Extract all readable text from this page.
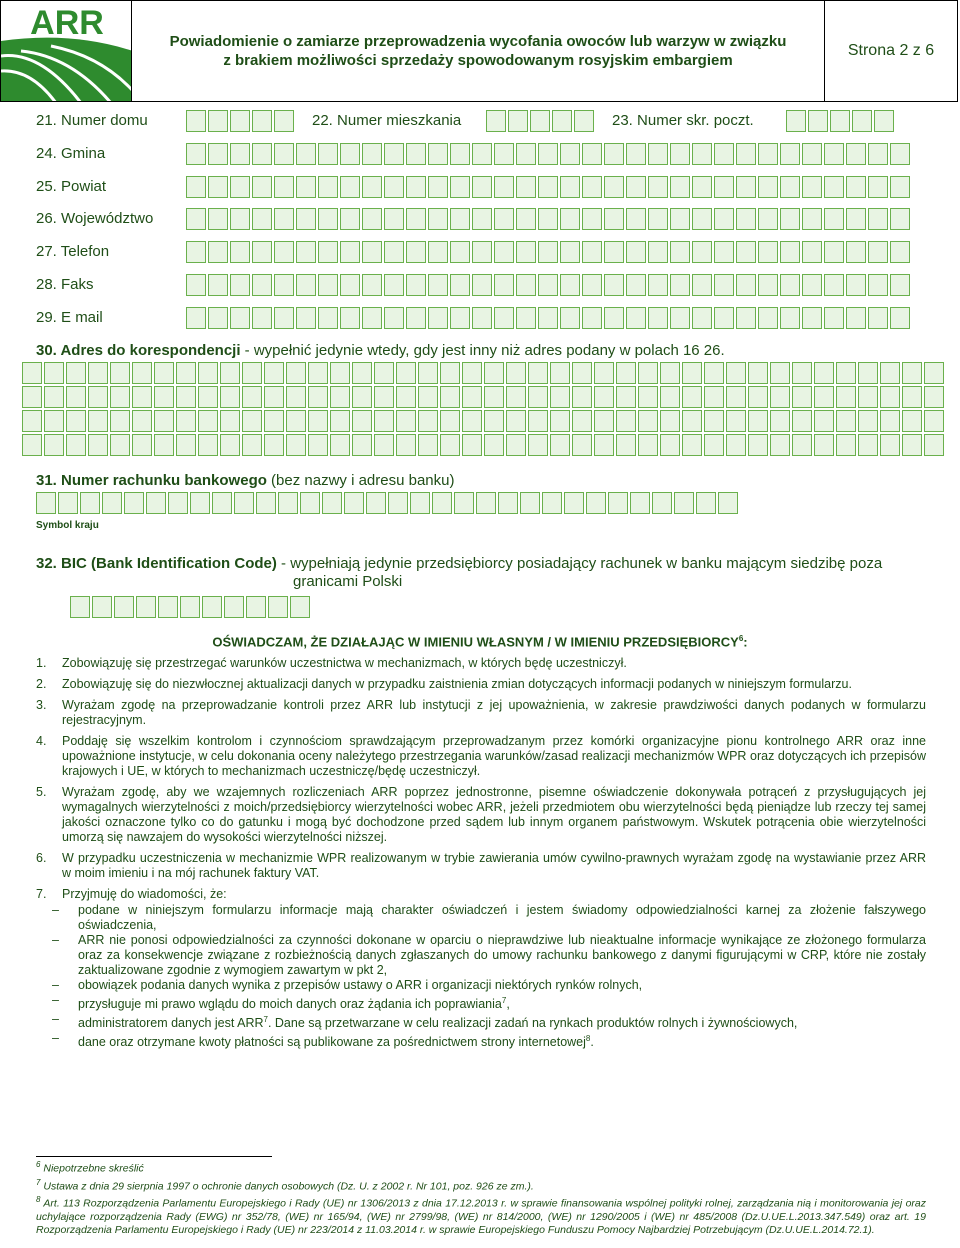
ARR	Powiadomienie o zamiarze przeprowadzenia wycofania owoców lub warzyw w związku
z brakiem możliwości sprzedaży spowodowanym rosyjskim embargiem
Strona 2 z 6
21. Numer domu	22. Numer mieszkania	23. Numer skr. poczt.
24. Gmina
25. Powiat
26. Województwo
27. Telefon
28. Faks
29. E mail
30. Adres do korespondencji - wypełnić jedynie wtedy, gdy jest inny niż adres podany w polach 16 26.
31. Numer rachunku bankowego (bez nazwy i adresu banku)
Symbol kraju
32. BIC (Bank Identification Code) - wypełniają jedynie przedsiębiorcy posiadający rachunek w banku mającym siedzibę poza
granicami Polski
OŚWIADCZAM, ŻE DZIAŁAJĄC W IMIENIU WŁASNYM / W IMIENIU PRZEDSIĘBIORCY$^6$:
1. Zobowiązuję się przestrzegać warunków uczestnictwa w mechanizmach, w których będę uczestniczył.
2. Zobowiązuję się do niezwłocznej aktualizacji danych w przypadku zaistnienia zmian dotyczących informacji podanych w niniejszym formularzu.
3. Wyrażam zgodę na przeprowadzanie kontroli przez ARR lub instytucji z jej upoważnienia, w zakresie prawdziwości danych podanych w formularzu rejestracyjnym.
4. Poddaję się wszelkim kontrolom i czynnościom sprawdzającym przeprowadzanym przez komórki organizacyjne pionu kontrolnego ARR oraz inne upoważnione instytucje, w celu dokonania oceny należytego przestrzegania warunków/zasad realizacji mechanizmów WPR oraz dotyczących ich przepisów krajowych i UE, w których to mechanizmach uczestniczę/będę uczestniczył.
5. Wyrażam zgodę, aby we wzajemnych rozliczeniach ARR poprzez jednostronne, pisemne oświadczenie dokonywała potrąceń z przysługujących jej wymagalnych wierzytelności z moich/przedsiębiorcy wierzytelności wobec ARR, jeżeli przedmiotem obu wierzytelności będą pieniądze lub rzeczy tej samej jakości oznaczone tylko co do gatunku i mogą być dochodzone przed sądem lub innym organem państwowym. Wskutek potrącenia obie wierzytelności umorzą się nawzajem do wysokości wierzytelności niższej.
6. W przypadku uczestniczenia w mechanizmie WPR realizowanym w trybie zawierania umów cywilno-prawnych wyrażam zgodę na wystawianie przez ARR w moim imieniu i na mój rachunek faktury VAT.
7. Przyjmuję do wiadomości, że:
– podane w niniejszym formularzu informacje mają charakter oświadczeń i jestem świadomy odpowiedzialności karnej za złożenie fałszywego oświadczenia,
– ARR nie ponosi odpowiedzialności za czynności dokonane w oparciu o nieprawdziwe lub nieaktualne informacje wynikające ze złożonego formularza oraz za konsekwencje związane z rozbieżnością danych zgłaszanych do umowy rachunku bankowego z danymi figurującymi w CRP, które nie zostały zaktualizowane zgodnie z wymogiem zawartym w pkt 2,
– obowiązek podania danych wynika z przepisów ustawy o ARR i organizacji niektórych rynków rolnych,
– przysługuje mi prawo wglądu do moich danych oraz żądania ich poprawiania$^7$,
– administratorem danych jest ARR$^7$. Dane są przetwarzane w celu realizacji zadań na rynkach produktów rolnych i żywnościowych,
– dane oraz otrzymane kwoty płatności są publikowane za pośrednictwem strony internetowej$^8$.
$^6$ Niepotrzebne skreślić
$^7$ Ustawa z dnia 29 sierpnia 1997 o ochronie danych osobowych (Dz. U. z 2002 r. Nr 101, poz. 926 ze zm.).
$^8$ Art. 113 Rozporządzenia Parlamentu Europejskiego i Rady (UE) nr 1306/2013 z dnia 17.12.2013 r. w sprawie finansowania wspólnej polityki rolnej, zarządzania nią i monitorowania jej oraz uchylające rozporządzenia Rady (EWG) nr 352/78, (WE) nr 165/94, (WE) nr 2799/98, (WE) nr 814/2000, (WE) nr 1290/2005 i (WE) nr 485/2008 (Dz.U.UE.L.2013.347.549) oraz art. 19 Rozporządzenia Parlamentu Europejskiego i Rady (UE) nr 223/2014 z 11.03.2014 r. w sprawie Europejskiego Funduszu Pomocy Najbardziej Potrzebującym (Dz.U.UE.L.2014.72.1).
